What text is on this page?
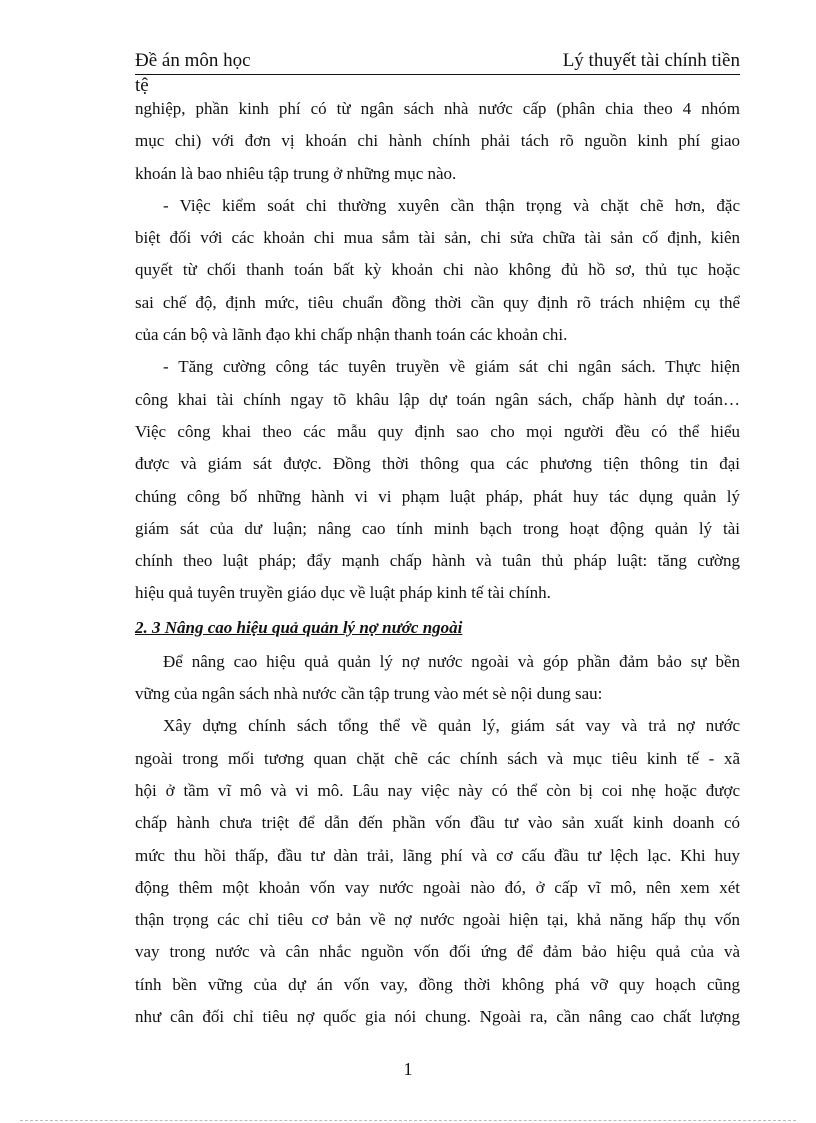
Đề án môn học	Lý thuyết tài chính tiền
tệ
nghiệp, phần kinh phí có từ ngân sách nhà nước cấp (phân chia theo 4 nhóm
mục chi) với đơn vị khoán chi hành chính phải tách rõ nguồn kinh phí giao
khoán là bao nhiêu tập trung ở những mục nào.
- Việc kiểm soát chi thường xuyên cần thận trọng và chặt chẽ hơn, đặc
biệt đối với các khoản chi mua sắm tài sản, chi sửa chữa tài sản cố định, kiên
quyết từ chối thanh toán bất kỳ khoản chi nào không đủ hồ sơ, thủ tục hoặc
sai chế độ, định mức, tiêu chuẩn đồng thời cần quy định rõ trách nhiệm cụ thể
của cán bộ và lãnh đạo khi chấp nhận thanh toán các khoản chi.
- Tăng cường công tác tuyên truyền về giám sát chi ngân sách. Thực hiện
công khai tài chính ngay tõ khâu lập dự toán ngân sách, chấp hành dự toán…
Việc công khai theo các mẫu quy định sao cho mọi người đều có thể hiểu
được và giám sát được. Đồng thời thông qua các phương tiện thông tin đại
chúng công bố những hành vi vi phạm luật pháp, phát huy tác dụng quản lý
giám sát của dư luận; nâng cao tính minh bạch trong hoạt động quản lý tài
chính theo luật pháp; đẩy mạnh chấp hành và tuân thủ pháp luật: tăng cường
hiệu quả tuyên truyền giáo dục về luật pháp kinh tế tài chính.
2. 3 Nâng cao hiệu quả quản lý nợ nước ngoài
Để nâng cao hiệu quả quản lý nợ nước ngoài và góp phần đảm bảo sự bền
vững của ngân sách nhà nước cần tập trung vào mét sè nội dung sau:
Xây dựng chính sách tổng thể về quản lý, giám sát vay và trả nợ nước
ngoài trong mối tương quan chặt chẽ các chính sách và mục tiêu kinh tế - xã
hội ở tầm vĩ mô và vi mô. Lâu nay việc này có thể còn bị coi nhẹ hoặc được
chấp hành chưa triệt để dẫn đến phần vốn đầu tư vào sản xuất kinh doanh có
mức thu hồi thấp, đầu tư dàn trải, lãng phí và cơ cấu đầu tư lệch lạc. Khi huy
động thêm một khoản vốn vay nước ngoài nào đó, ở cấp vĩ mô, nên xem xét
thận trọng các chỉ tiêu cơ bản về nợ nước ngoài hiện tại, khả năng hấp thụ vốn
vay trong nước và cân nhắc nguồn vốn đối ứng để đảm bảo hiệu quả của và
tính bền vững của dự án vốn vay, đồng thời không phá vỡ quy hoạch cũng
như cân đối chỉ tiêu nợ quốc gia nói chung. Ngoài ra, cần nâng cao chất lượng
1
